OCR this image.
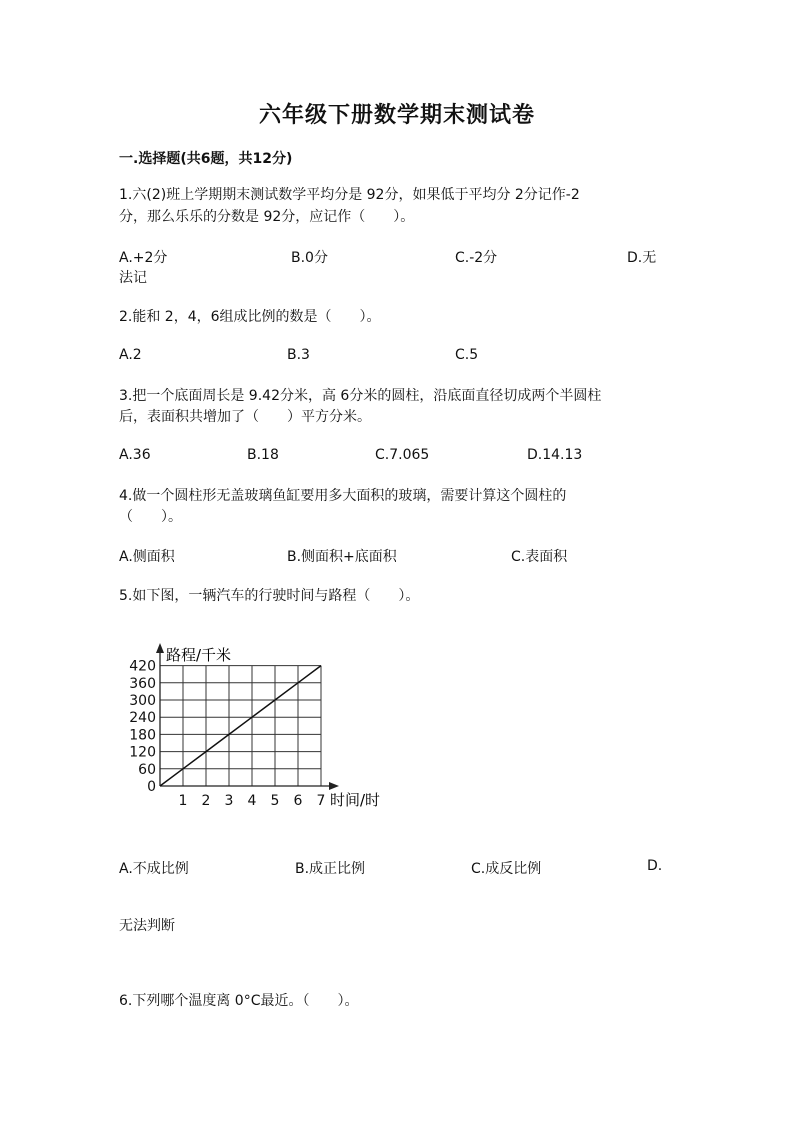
六年级下册数学期末测试卷
一.选择题(共6题，共12分)
1.六(2)班上学期期末测试数学平均分是 92分，如果低于平均分 2分记作-2
分，那么乐乐的分数是 92分，应记作（　　）。
A.+2分	B.0分	C.-2分	D.无
法记
2.能和 2，4，6组成比例的数是（　　）。
A.2	B.3	C.5
3.把一个底面周长是 9.42分米，高 6分米的圆柱，沿底面直径切成两个半圆柱
后，表面积共增加了（　　）平方分米。
A.36	B.18	C.7.065	D.14.13
4.做一个圆柱形无盖玻璃鱼缸要用多大面积的玻璃，需要计算这个圆柱的
（　　）。
A.侧面积	B.侧面积+底面积	C.表面积
5.如下图，一辆汽车的行驶时间与路程（　　）。
0
60
120
180
240
300
360
420
1 2 3 4 5 6 7
路程/千米
时间/时
A.不成比例	B.成正比例	C.成反比例	D.
无法判断
6.下列哪个温度离 0°C最近。（　　）。
